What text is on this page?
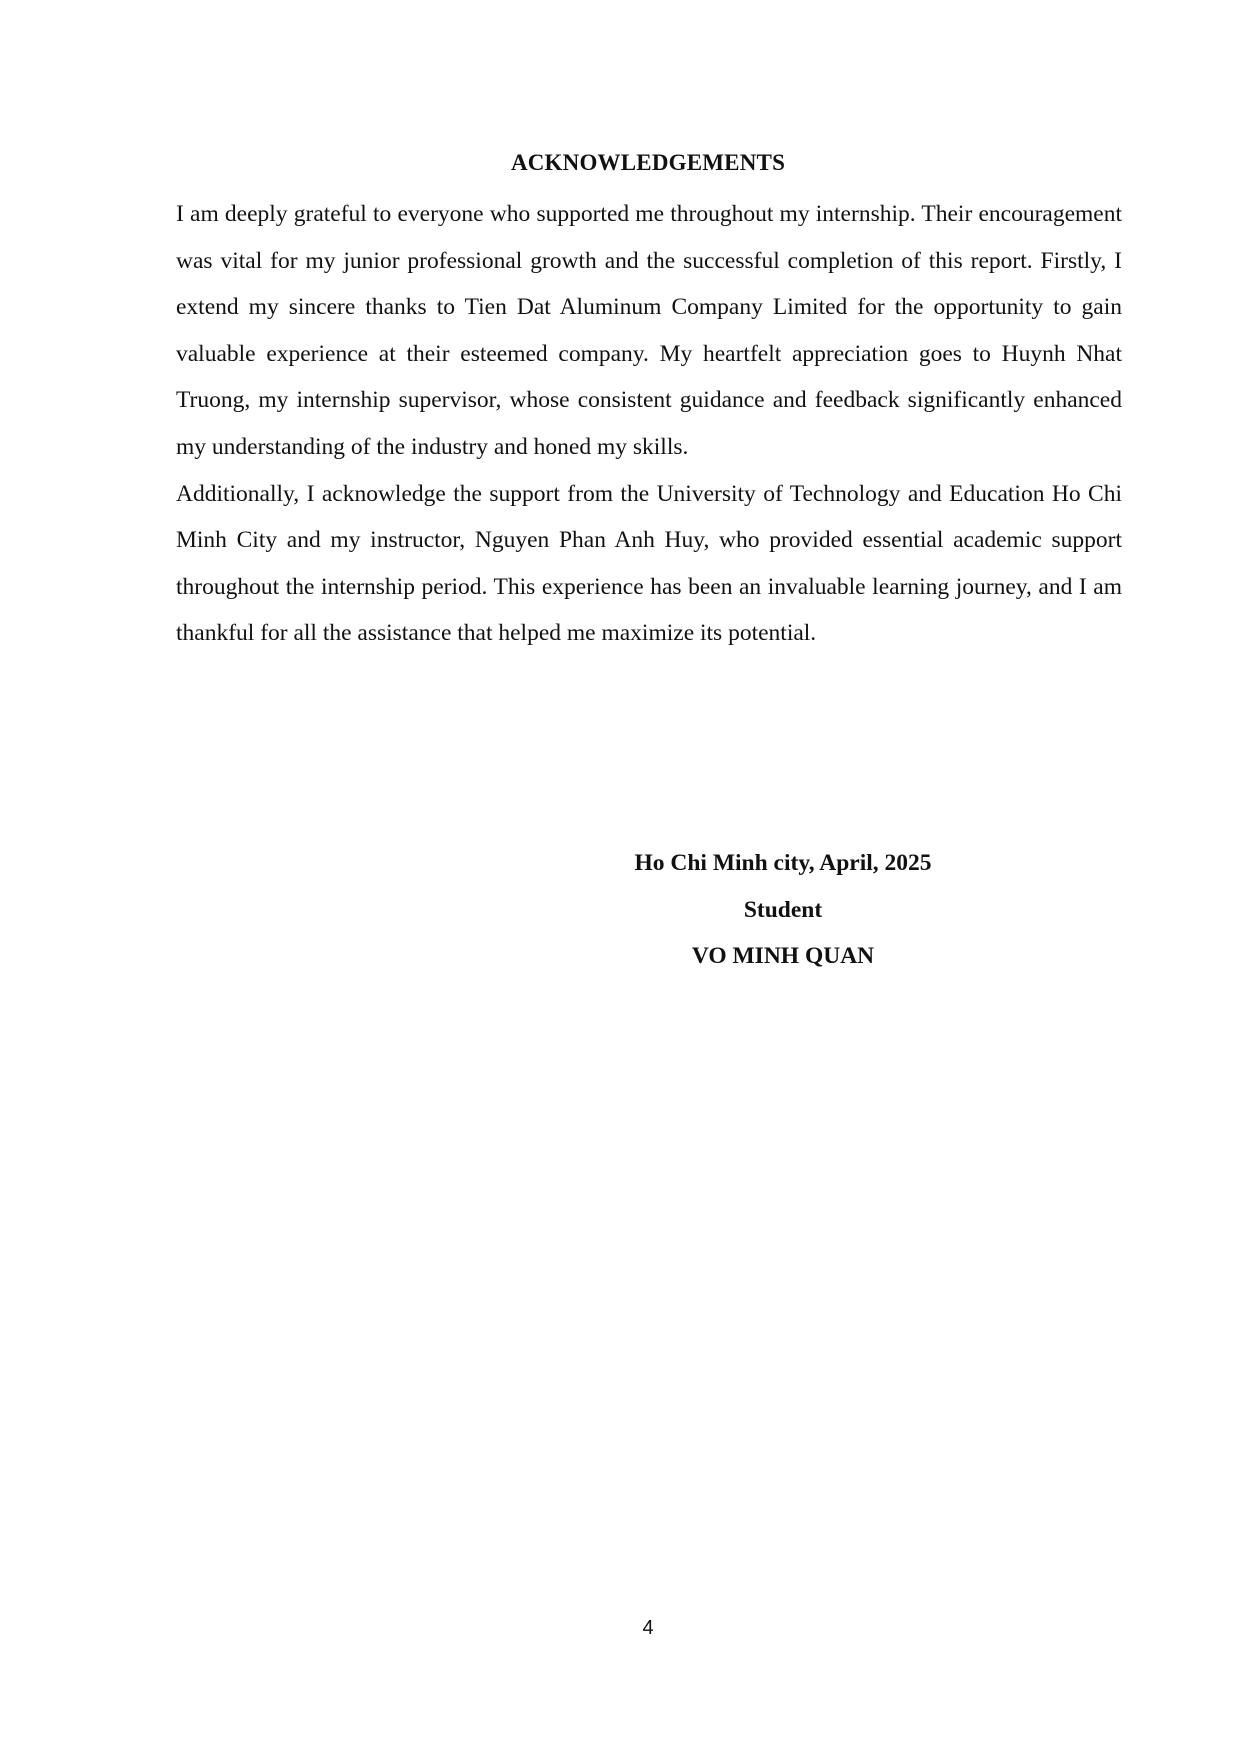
ACKNOWLEDGEMENTS

I am deeply grateful to everyone who supported me throughout my internship. Their encouragement was vital for my junior professional growth and the successful completion of this report. Firstly, I extend my sincere thanks to Tien Dat Aluminum Company Limited for the opportunity to gain valuable experience at their esteemed company. My heartfelt appreciation goes to Huynh Nhat Truong, my internship supervisor, whose consistent guidance and feedback significantly enhanced my understanding of the industry and honed my skills.

Additionally, I acknowledge the support from the University of Technology and Education Ho Chi Minh City and my instructor, Nguyen Phan Anh Huy, who provided essential academic support throughout the internship period. This experience has been an invaluable learning journey, and I am thankful for all the assistance that helped me maximize its potential.

Ho Chi Minh city, April, 2025
Student
VO MINH QUAN
4
